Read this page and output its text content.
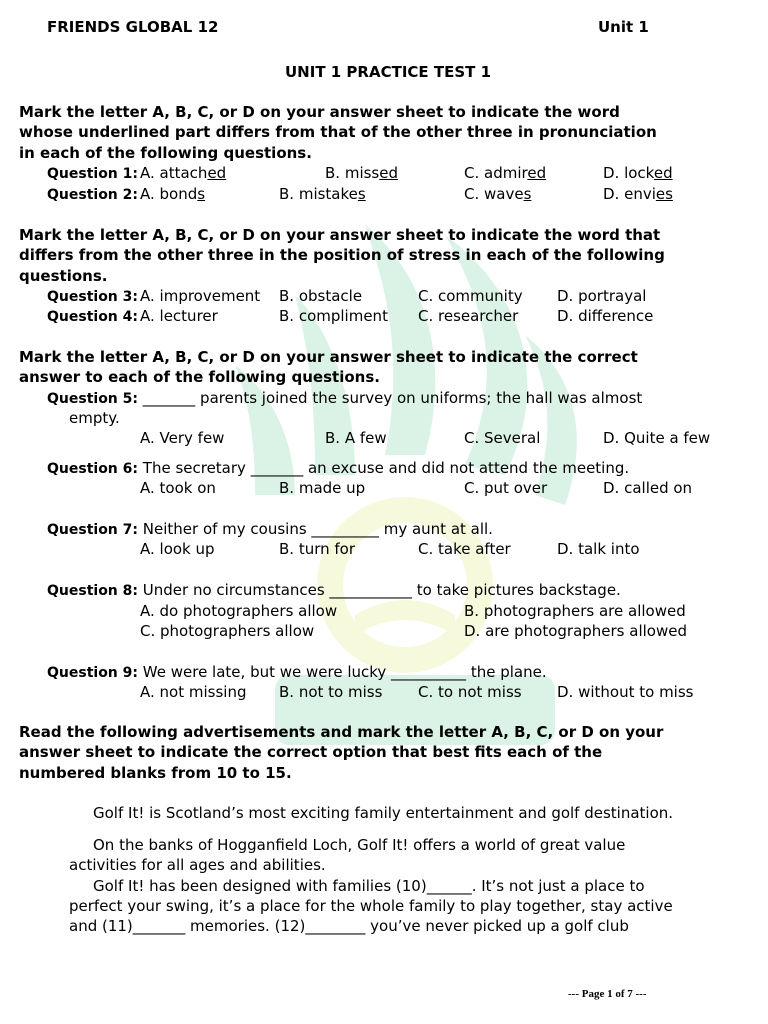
FRIENDS GLOBAL 12	Unit 1
UNIT 1 PRACTICE TEST 1
Mark the letter A, B, C, or D on your answer sheet to indicate the word
whose underlined part differs from that of the other three in pronunciation
in each of the following questions.
Question 1: A. attached	B. missed	C. admired	D. locked
Question 2: A. bonds	B. mistakes	C. waves	D. envies
Mark the letter A, B, C, or D on your answer sheet to indicate the word that
differs from the other three in the position of stress in each of the following
questions.
Question 3: A. improvement B. obstacle	C. community D. portrayal
Question 4: A. lecturer	B. compliment C. researcher	D. difference
Mark the letter A, B, C, or D on your answer sheet to indicate the correct
answer to each of the following questions.
Question 5: _______ parents joined the survey on uniforms; the hall was almost
empty.
A. Very few	B. A few	C. Several	D. Quite a few
Question 6: The secretary _______ an excuse and did not attend the meeting.
A. took on	B. made up	C. put over	D. called on
Question 7: Neither of my cousins _________ my aunt at all.
A. look up	B. turn for	C. take after	D. talk into
Question 8: Under no circumstances ___________ to take pictures backstage.
A. do photographers allow	B. photographers are allowed
C. photographers allow	D. are photographers allowed
Question 9: We were late, but we were lucky __________ the plane.
A. not missing B. not to miss C. to not miss D. without to miss
Read the following advertisements and mark the letter A, B, C, or D on your
answer sheet to indicate the correct option that best fits each of the
numbered blanks from 10 to 15.
Golf It! is Scotland’s most exciting family entertainment and golf destination.
On the banks of Hogganfield Loch, Golf It! offers a world of great value
activities for all ages and abilities.
Golf It! has been designed with families (10)______. It’s not just a place to
perfect your swing, it’s a place for the whole family to play together, stay active
and (11)_______ memories. (12)________ you’ve never picked up a golf club
--- Page 1 of 7 ---
